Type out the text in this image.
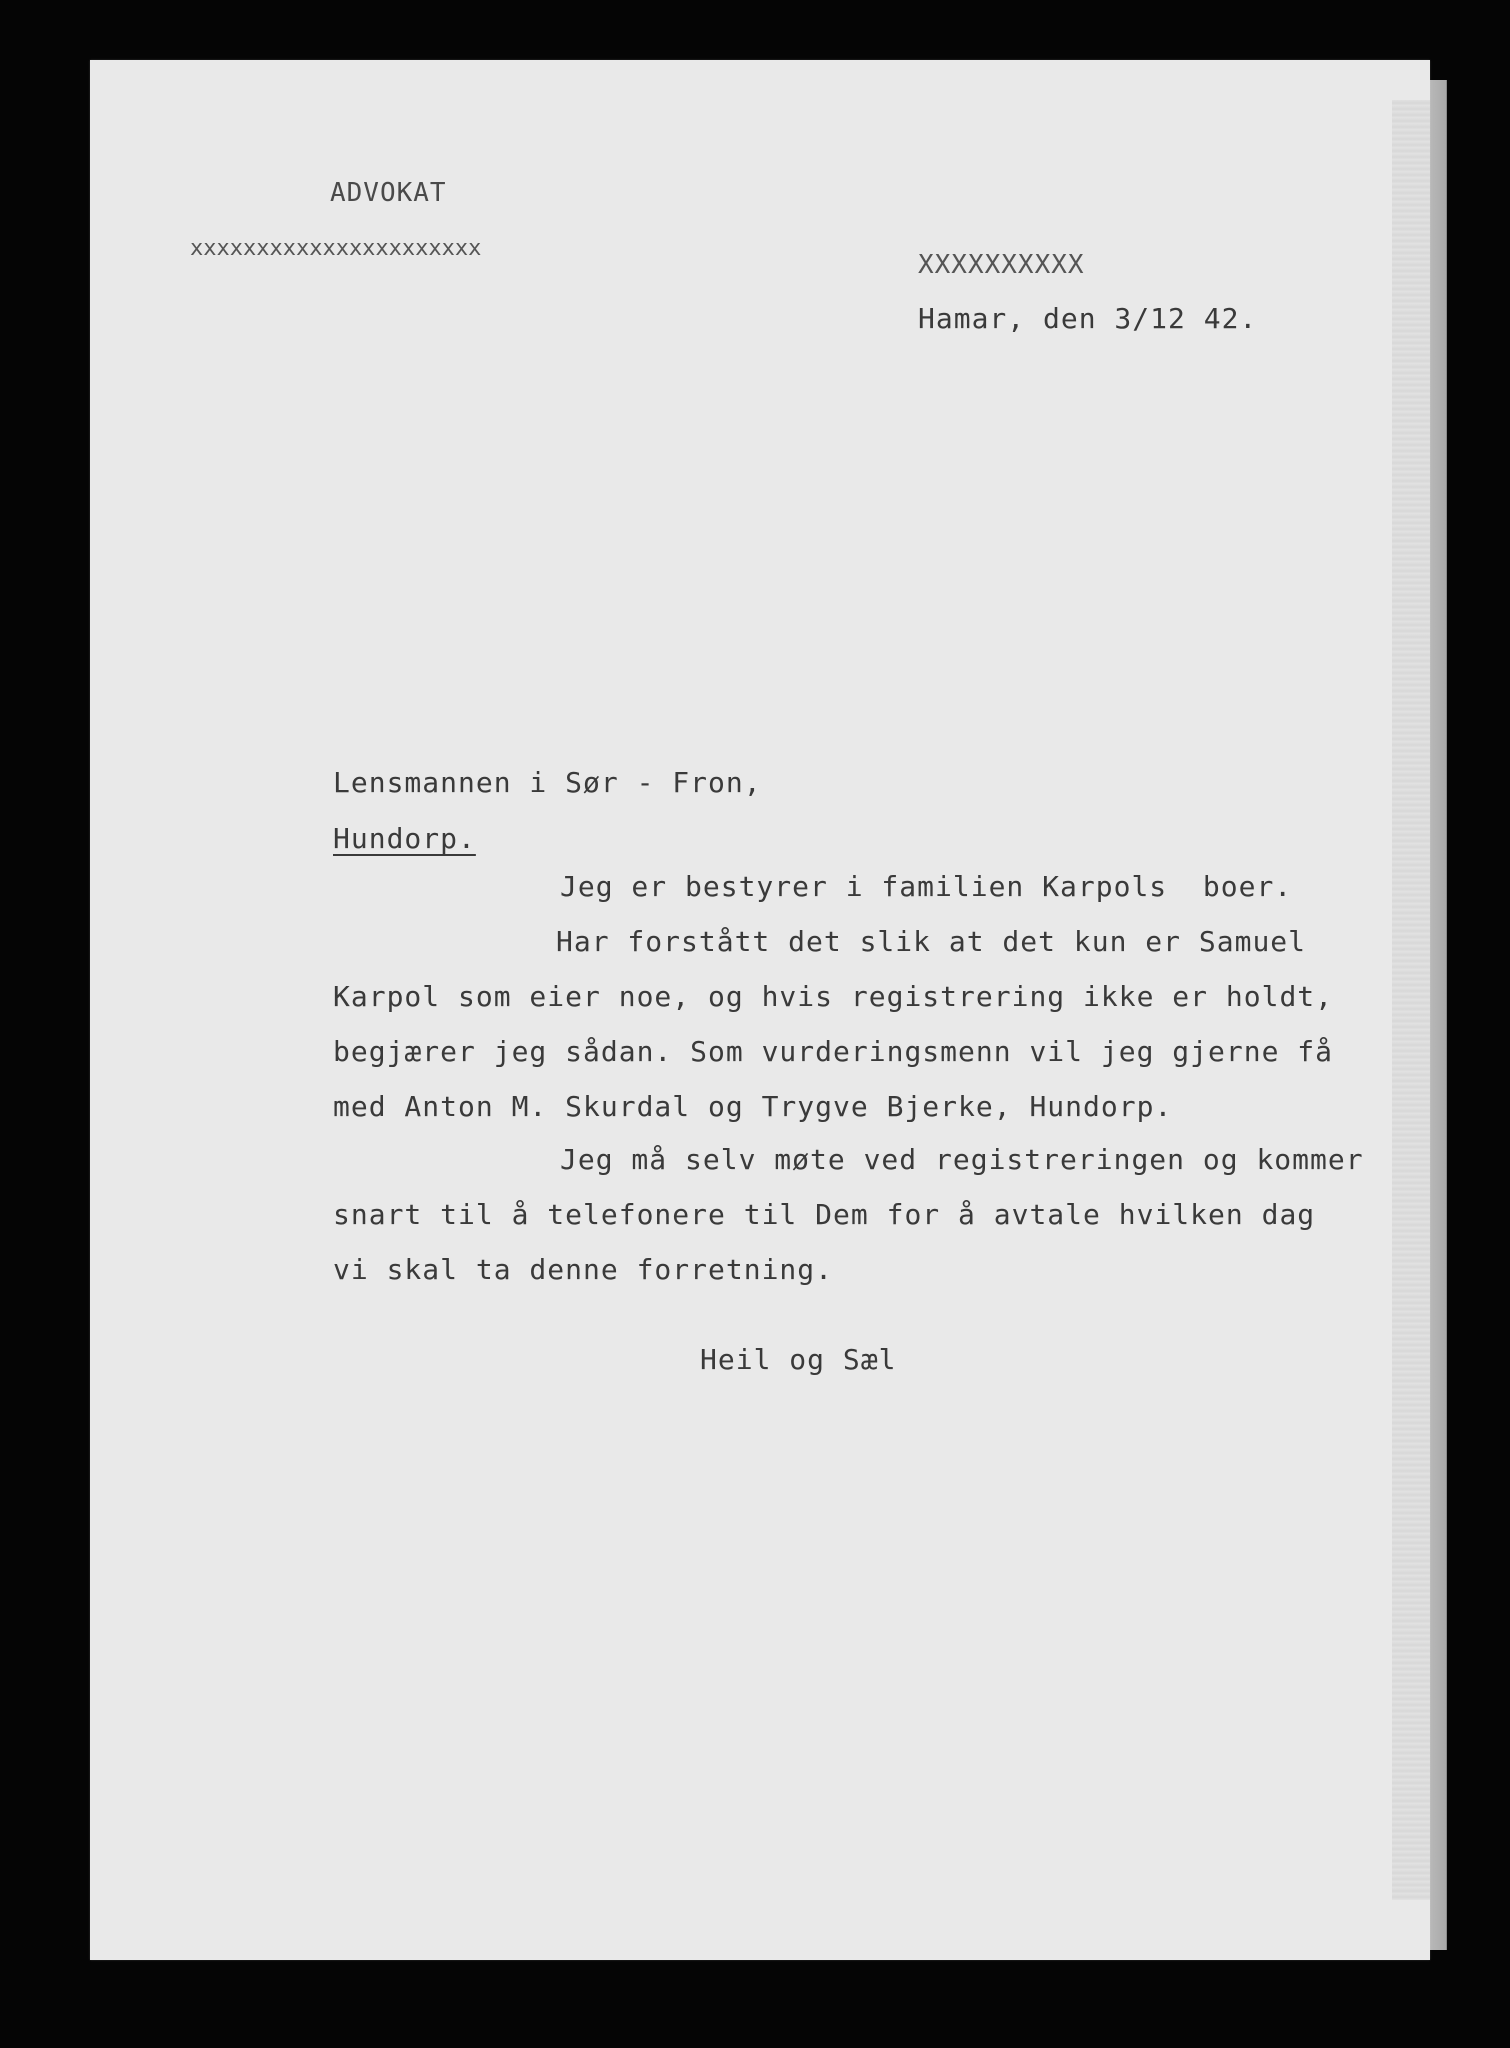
ADVOKAT
xxxxxxxxxxxxxxxxxxxxxx
XXXXXXXXXX
Hamar, den 3/12 42.
Lensmannen i Sør - Fron,
Hundorp.
Jeg er bestyrer i familien Karpols  boer.
Har forstått det slik at det kun er Samuel
Karpol som eier noe, og hvis registrering ikke er holdt,
begjærer jeg sådan. Som vurderingsmenn vil jeg gjerne få
med Anton M. Skurdal og Trygve Bjerke, Hundorp.
Jeg må selv møte ved registreringen og kommer
snart til å telefonere til Dem for å avtale hvilken dag
vi skal ta denne forretning.
Heil og Sæl
